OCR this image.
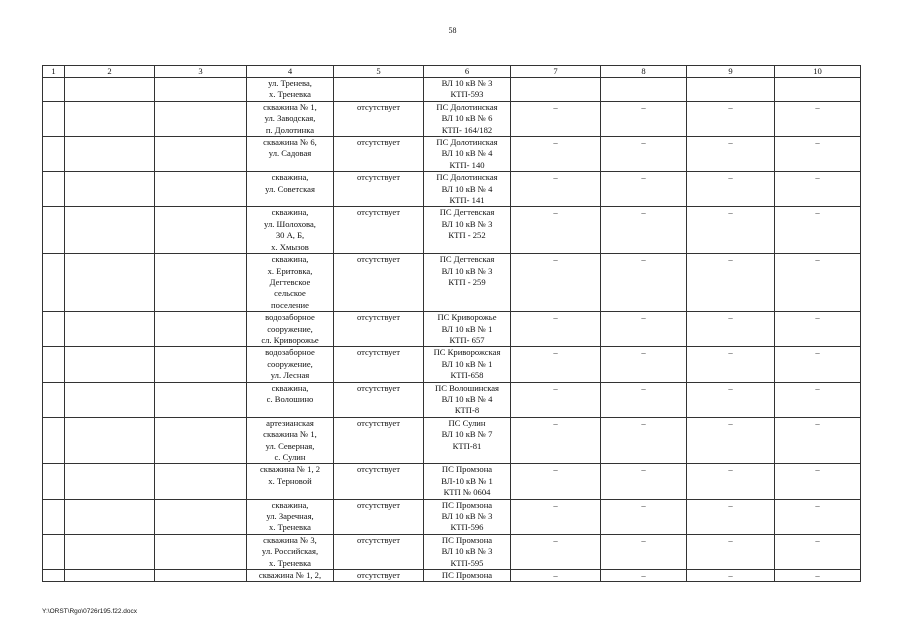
58
1	2	3	4	5	6	7	8	9	10

			ул. Тренева,
х. Треневка		ВЛ 10 кВ № 3
КТП-593				

			скважина № 1,
ул. Заводская,
п. Долотинка	отсутствует	ПС Долотинская
ВЛ 10 кВ № 6
КТП- 164/182	–	–	–	–

			скважина № 6,
ул. Садовая	отсутствует	ПС Долотинская
ВЛ 10 кВ № 4
КТП- 140	–	–	–	–

			скважина,
ул. Советская	отсутствует	ПС Долотинская
ВЛ 10 кВ № 4
КТП- 141	–	–	–	–

			скважина,
ул. Шолохова,
30 А, Б,
х. Хмызов	отсутствует	ПС Дегтевская
ВЛ 10 кВ № 3
КТП - 252	–	–	–	–

			скважина,
х. Еритовка,
Дегтевское
сельское
поселение	отсутствует	ПС Дегтевская
ВЛ 10 кВ № 3
КТП - 259	–	–	–	–

			водозаборное
сооружение,
сл. Криворожье	отсутствует	ПС Криворожье
ВЛ 10 кВ № 1
КТП- 657	–	–	–	–

			водозаборное
сооружение,
ул. Лесная	отсутствует	ПС Криворожская
ВЛ 10 кВ № 1
КТП-658	–	–	–	–

			скважина,
с. Волошино	отсутствует	ПС Волошинская
ВЛ 10 кВ № 4
КТП-8	–	–	–	–

			артезианская
скважина № 1,
ул. Северная,
с. Сулин	отсутствует	ПС Сулин
ВЛ 10 кВ № 7
КТП-81	–	–	–	–

			скважина № 1, 2
х. Терновой	отсутствует	ПС Промзона
ВЛ-10 кВ № 1
КТП № 0604	–	–	–	–

			скважина,
ул. Заречная,
х. Треневка	отсутствует	ПС Промзона
ВЛ 10 кВ № 3
КТП-596	–	–	–	–

			скважина № 3,
ул. Российская,
х. Треневка	отсутствует	ПС Промзона
ВЛ 10 кВ № 3
КТП-595	–	–	–	–

			скважина № 1, 2,	отсутствует	ПС Промзона	–	–	–	–
Y:\ORST\Rgo\0726r195.f22.docx
